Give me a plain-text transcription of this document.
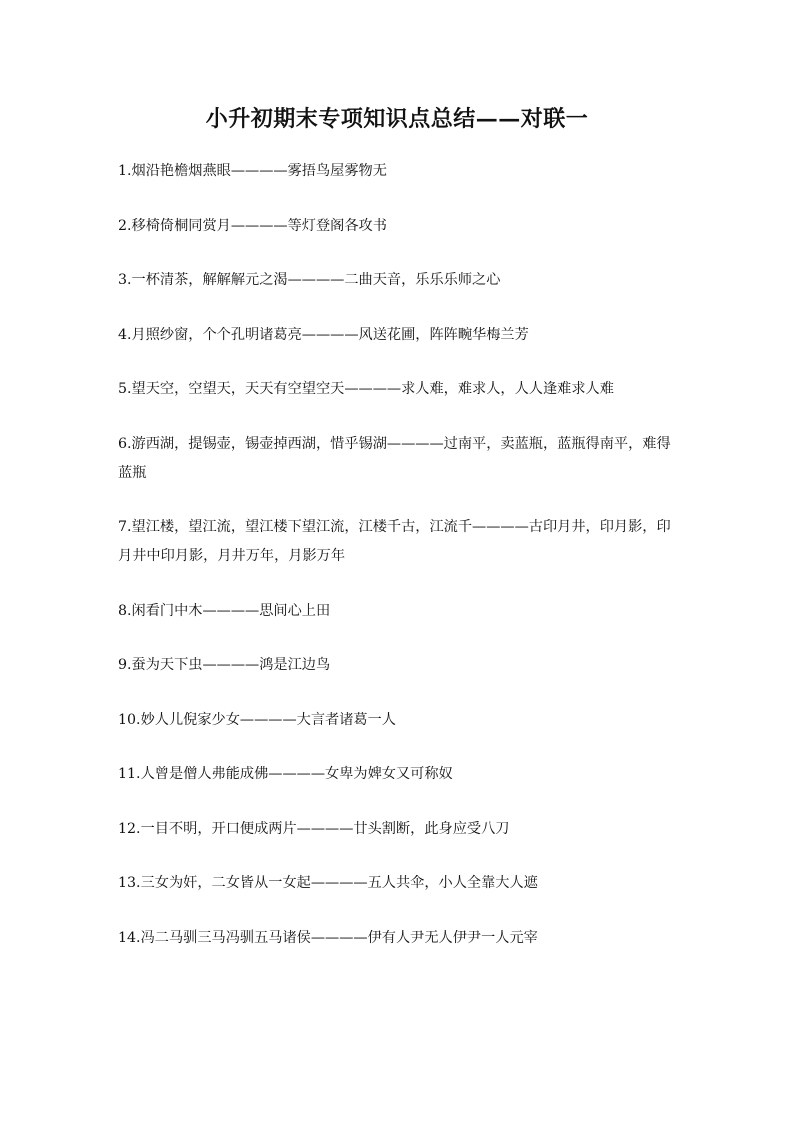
小升初期末专项知识点总结——对联一

1.烟沿艳檐烟燕眼————雾捂鸟屋雾物无

2.移椅倚桐同赏月————等灯登阁各攻书

3.一杯清茶，解解解元之渴————二曲天音，乐乐乐师之心

4.月照纱窗，个个孔明诸葛亮————风送花圃，阵阵畹华梅兰芳

5.望天空，空望天，天天有空望空天————求人难，难求人，人人逢难求人难

6.游西湖，提锡壶，锡壶掉西湖，惜乎锡湖————过南平，卖蓝瓶，蓝瓶得南平，难得蓝瓶

7.望江楼，望江流，望江楼下望江流，江楼千古，江流千————古印月井，印月影，印月井中印月影，月井万年，月影万年

8.闲看门中木————思间心上田

9.蚕为天下虫————鸿是江边鸟

10.妙人儿倪家少女————大言者诸葛一人

11.人曾是僧人弗能成佛————女卑为婢女又可称奴

12.一目不明，开口便成两片————廿头割断，此身应受八刀

13.三女为奸，二女皆从一女起————五人共伞，小人全靠大人遮

14.冯二马驯三马冯驯五马诸侯————伊有人尹无人伊尹一人元宰
